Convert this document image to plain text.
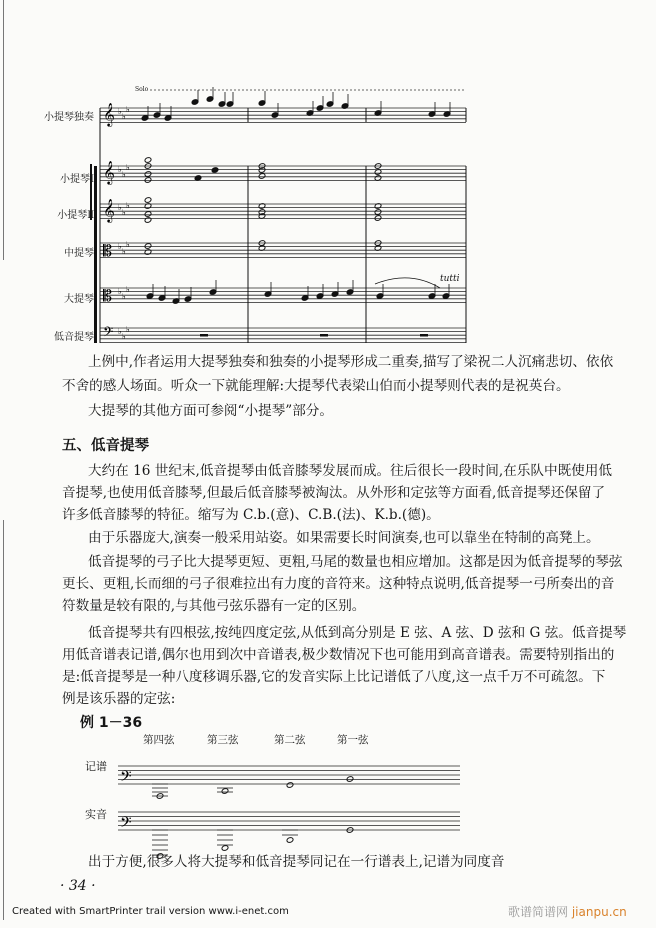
𝄞
𝄞
𝄞
𝄡
𝄡
𝄢
♭
♭
♭
♭
♭
♭
♭
♭
♭
♭
♭
♭
♭
♭
♭
♭
♭
♭
𝄢
𝄢
Solo
tutti
小提琴独奏
小提琴Ⅰ
小提琴Ⅱ
中提琴
大提琴
低音提琴
上例中,作者运用大提琴独奏和独奏的小提琴形成二重奏,描写了梁祝二人沉痛悲切、依依
不舍的感人场面。听众一下就能理解:大提琴代表梁山伯而小提琴则代表的是祝英台。
大提琴的其他方面可参阅“小提琴”部分。
五、低音提琴
大约在 16 世纪末,低音提琴由低音膝琴发展而成。往后很长一段时间,在乐队中既使用低
音提琴,也使用低音膝琴,但最后低音膝琴被淘汰。从外形和定弦等方面看,低音提琴还保留了
许多低音膝琴的特征。缩写为 C.b.(意)、C.B.(法)、K.b.(德)。
由于乐器庞大,演奏一般采用站姿。如果需要长时间演奏,也可以靠坐在特制的高凳上。
低音提琴的弓子比大提琴更短、更粗,马尾的数量也相应增加。这都是因为低音提琴的琴弦
更长、更粗,长而细的弓子很难拉出有力度的音符来。这种特点说明,低音提琴一弓所奏出的音
符数量是较有限的,与其他弓弦乐器有一定的区别。
低音提琴共有四根弦,按纯四度定弦,从低到高分别是 E 弦、A 弦、D 弦和 G 弦。低音提琴
用低音谱表记谱,偶尔也用到次中音谱表,极少数情况下也可能用到高音谱表。需要特别指出的
是:低音提琴是一种八度移调乐器,它的发音实际上比记谱低了八度,这一点千万不可疏忽。下
例是该乐器的定弦:
例 1－36
第四弦	第三弦	第二弦	第一弦
记谱
实音
出于方便,很多人将大提琴和低音提琴同记在一行谱表上,记谱为同度音
· 34 ·
Created with SmartPrinter trail version www.i-enet.com	歌谱简谱网 jianpu.cn
